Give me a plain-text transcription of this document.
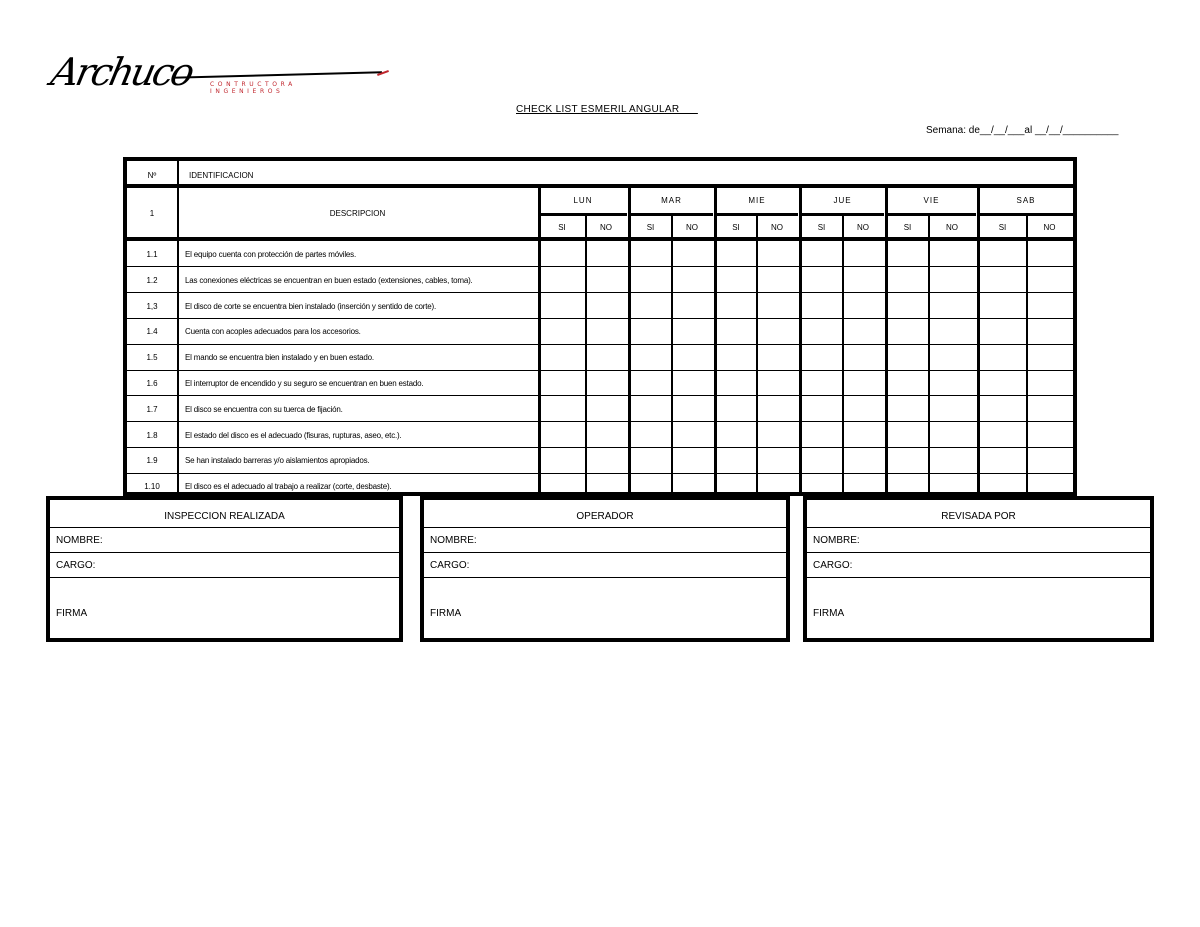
Archuco CONTRUCTORA
INGENIEROS
CHECK LIST ESMERIL ANGULAR
Semana: de__/__/___al __/__/__________
Nº	IDENTIFICACION
1	DESCRIPCION
LUN
SI	NO
MAR
SI	NO
MIE
SI	NO
JUE
SI	NO
VIE
SI	NO
SAB
SI	NO
1.1	El equipo cuenta con protección de partes móviles.
1.2	Las conexiones eléctricas se encuentran en buen estado (extensiones, cables, toma).
1,3	El disco de corte se encuentra bien instalado (inserción y sentido de corte).
1.4	Cuenta con acoples adecuados para los accesorios.
1.5	El mando se encuentra bien instalado y en buen estado.
1.6	El interruptor de encendido y su seguro se encuentran en buen estado.
1.7	El disco se encuentra con su tuerca de fijación.
1.8	El estado del disco es el adecuado (fisuras, rupturas, aseo, etc.).
1.9	Se han instalado barreras y/o aislamientos apropiados.
1.10	El disco es el adecuado al trabajo a realizar (corte, desbaste).
INSPECCION REALIZADA
NOMBRE:
CARGO:
FIRMA
OPERADOR
NOMBRE:
CARGO:
FIRMA
REVISADA POR
NOMBRE:
CARGO:
FIRMA
